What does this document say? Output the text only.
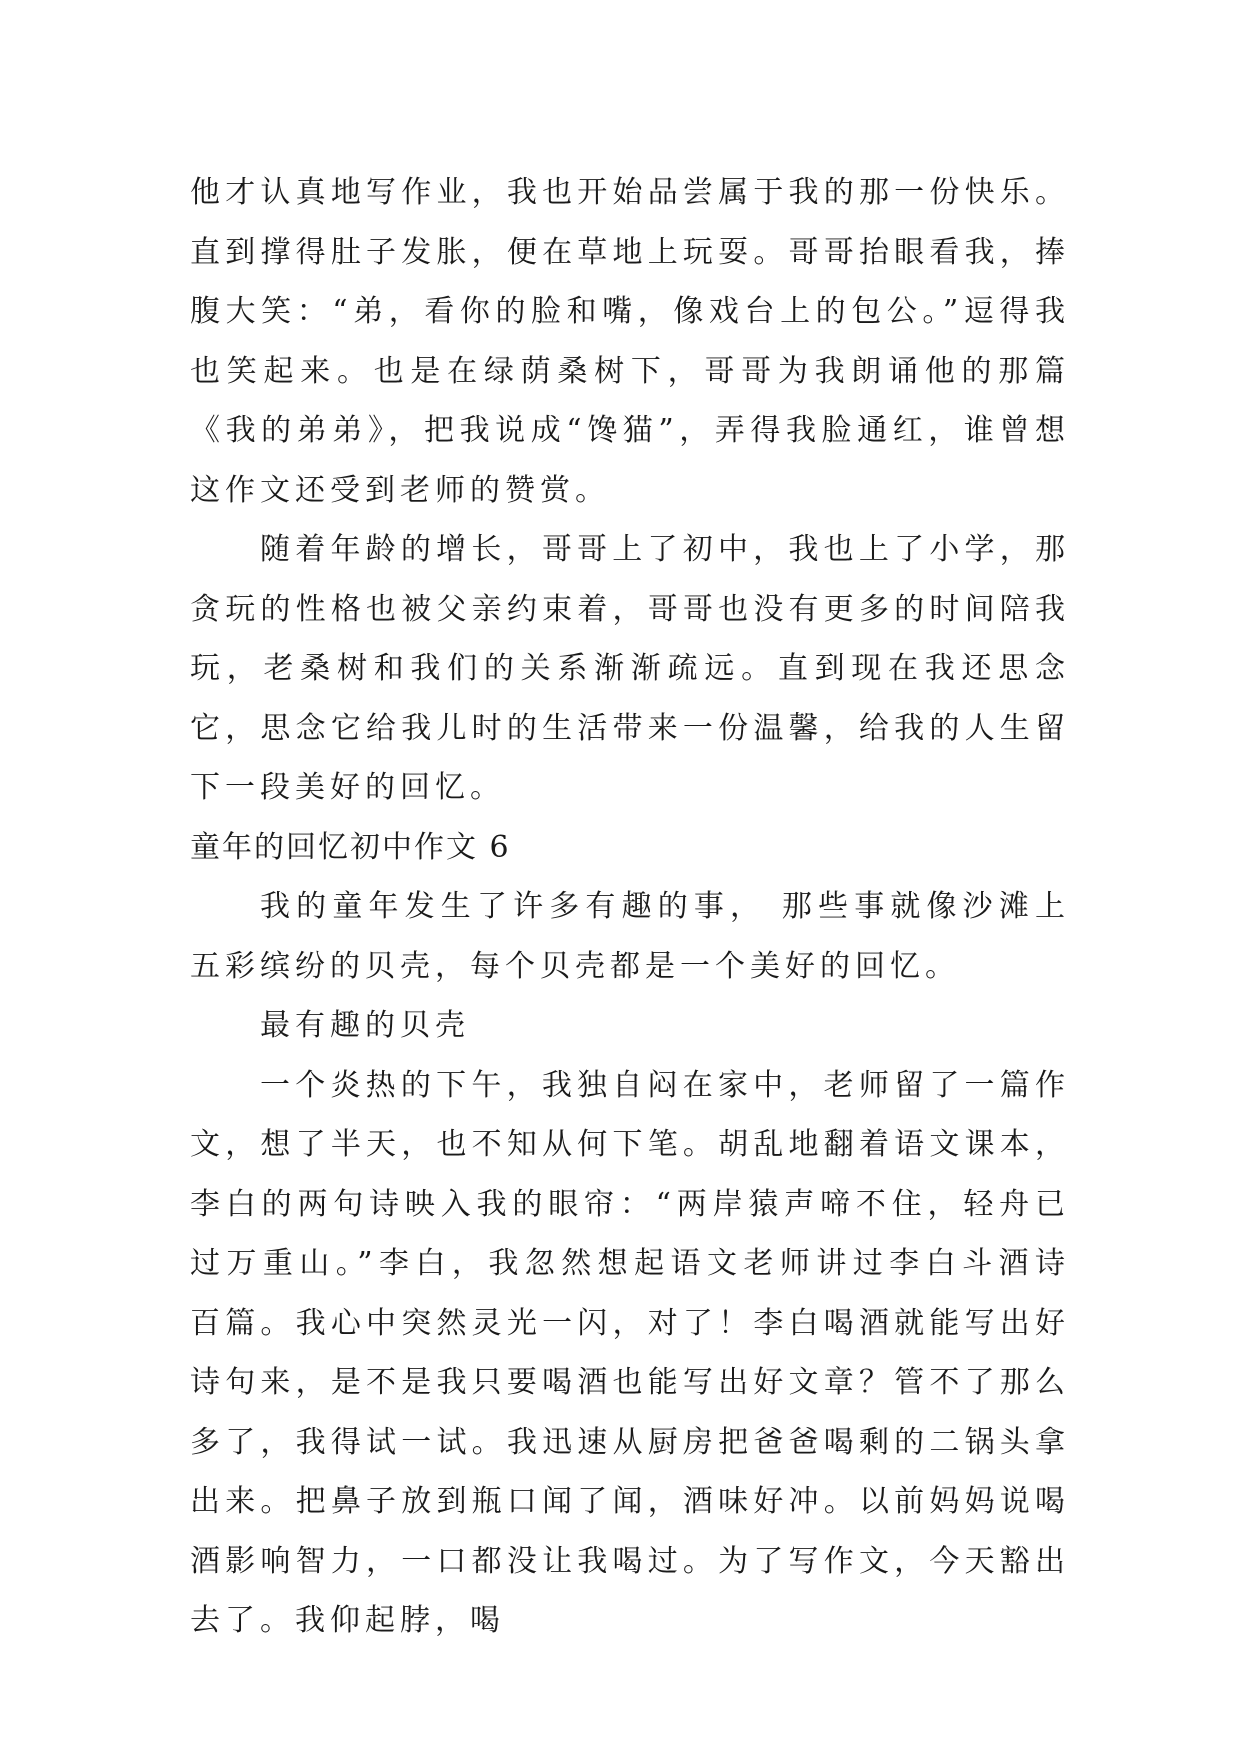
他才认真地写作业，我也开始品尝属于我的那一份快乐。直到撑得肚子发胀，便在草地上玩耍。哥哥抬眼看我，捧腹大笑：“弟，看你的脸和嘴，像戏台上的包公。”逗得我也笑起来。也是在绿荫桑树下，哥哥为我朗诵他的那篇《我的弟弟》，把我说成“馋猫”，弄得我脸通红，谁曾想这作文还受到老师的赞赏。

随着年龄的增长，哥哥上了初中，我也上了小学，那贪玩的性格也被父亲约束着，哥哥也没有更多的时间陪我玩，老桑树和我们的关系渐渐疏远。直到现在我还思念它，思念它给我儿时的生活带来一份温馨，给我的人生留下一段美好的回忆。

童年的回忆初中作文 6

我的童年发生了许多有趣的事， 那些事就像沙滩上五彩缤纷的贝壳，每个贝壳都是一个美好的回忆。

最有趣的贝壳

一个炎热的下午，我独自闷在家中，老师留了一篇作文，想了半天，也不知从何下笔。胡乱地翻着语文课本，李白的两句诗映入我的眼帘：“两岸猿声啼不住，轻舟已过万重山。”李白，我忽然想起语文老师讲过李白斗酒诗百篇。我心中突然灵光一闪，对了！李白喝酒就能写出好诗句来，是不是我只要喝酒也能写出好文章？管不了那么多了，我得试一试。我迅速从厨房把爸爸喝剩的二锅头拿出来。把鼻子放到瓶口闻了闻，酒味好冲。以前妈妈说喝酒影响智力，一口都没让我喝过。为了写作文，今天豁出去了。我仰起脖，喝
